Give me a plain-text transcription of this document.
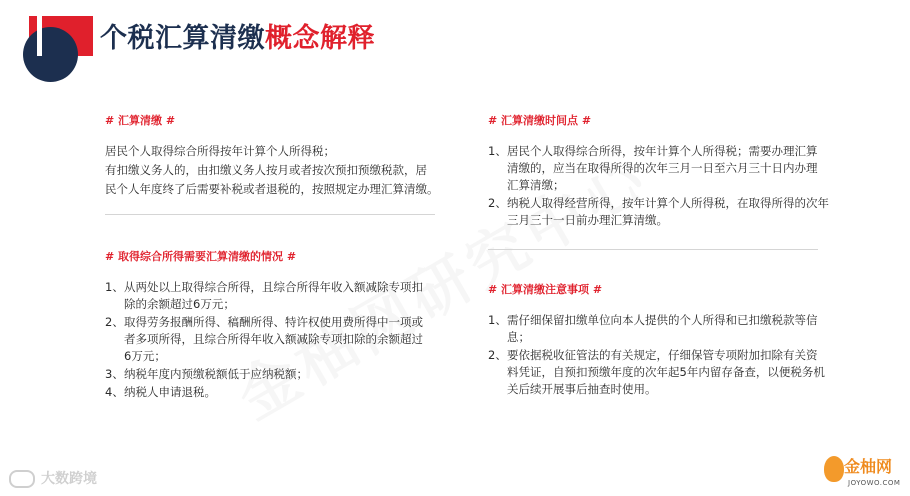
个税汇算清缴概念解释
# 汇算清缴 #
居民个人取得综合所得按年计算个人所得税；
有扣缴义务人的，由扣缴义务人按月或者按次预扣预缴税款，居
民个人年度终了后需要补税或者退税的，按照规定办理汇算清缴。
# 取得综合所得需要汇算清缴的情况 #
1、 从两处以上取得综合所得，且综合所得年收入额减除专项扣
除的余额超过6万元；
2、 取得劳务报酬所得、稿酬所得、特许权使用费所得中一项或
者多项所得，且综合所得年收入额减除专项扣除的余额超过
6万元；
3、 纳税年度内预缴税额低于应纳税额；
4、 纳税人申请退税。
# 汇算清缴时间点 #
1、 居民个人取得综合所得，按年计算个人所得税；需要办理汇算
清缴的，应当在取得所得的次年三月一日至六月三十日内办理
汇算清缴；
2、 纳税人取得经营所得，按年计算个人所得税，在取得所得的次年
三月三十一日前办理汇算清缴。
# 汇算清缴注意事项 #
1、 需仔细保留扣缴单位向本人提供的个人所得和已扣缴税款等信
息；
2、 要依据税收征管法的有关规定，仔细保管专项附加扣除有关资
料凭证，自预扣预缴年度的次年起5年内留存备查，以便税务机
关后续开展事后抽查时使用。
大数跨境
金柚网
JOYOWO.COM
